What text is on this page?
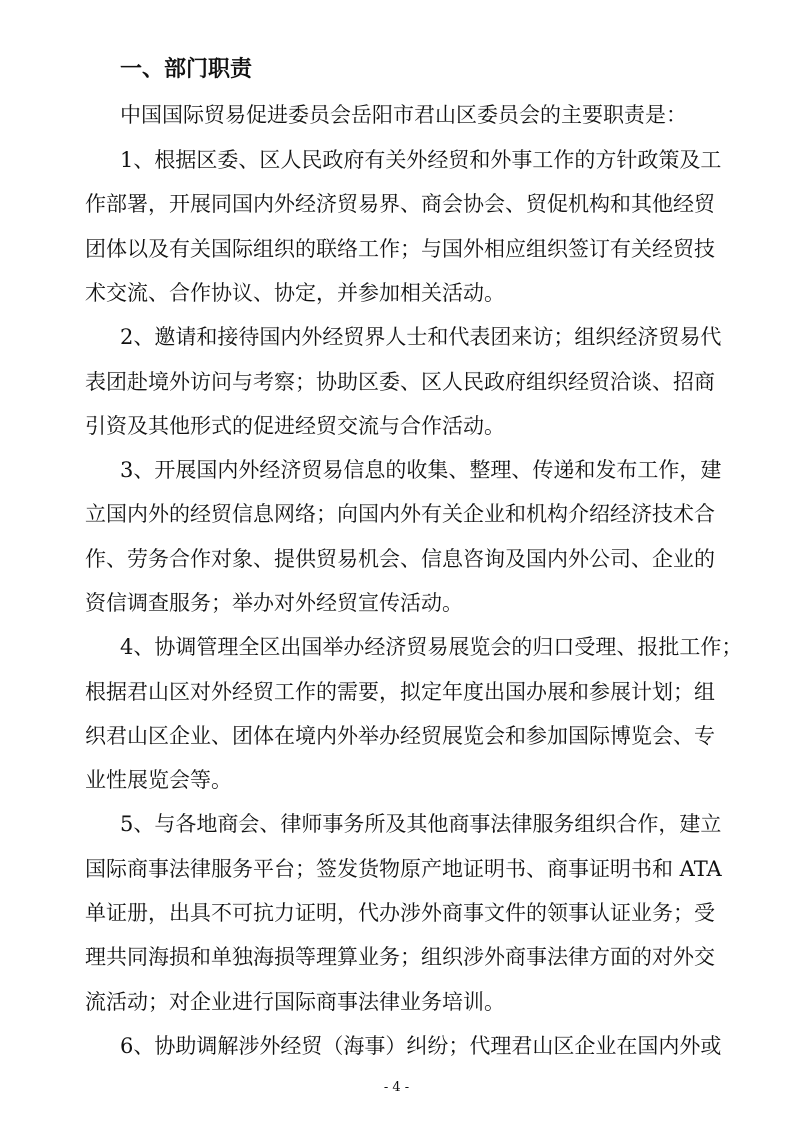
一、部门职责
中国国际贸易促进委员会岳阳市君山区委员会的主要职责是：
- 4 -
1、根据区委、区人民政府有关外经贸和外事工作的方针政策及工
作部署，开展同国内外经济贸易界、商会协会、贸促机构和其他经贸
团体以及有关国际组织的联络工作；与国外相应组织签订有关经贸技
术交流、合作协议、协定，并参加相关活动。
2、邀请和接待国内外经贸界人士和代表团来访；组织经济贸易代
表团赴境外访问与考察；协助区委、区人民政府组织经贸洽谈、招商
引资及其他形式的促进经贸交流与合作活动。
3、开展国内外经济贸易信息的收集、整理、传递和发布工作，建
立国内外的经贸信息网络；向国内外有关企业和机构介绍经济技术合
作、劳务合作对象、提供贸易机会、信息咨询及国内外公司、企业的
资信调查服务；举办对外经贸宣传活动。
4、协调管理全区出国举办经济贸易展览会的归口受理、报批工作；
根据君山区对外经贸工作的需要，拟定年度出国办展和参展计划；组
织君山区企业、团体在境内外举办经贸展览会和参加国际博览会、专
业性展览会等。
5、与各地商会、律师事务所及其他商事法律服务组织合作，建立
国际商事法律服务平台；签发货物原产地证明书、商事证明书和 ATA
单证册，出具不可抗力证明，代办涉外商事文件的领事认证业务；受
理共同海损和单独海损等理算业务；组织涉外商事法律方面的对外交
流活动；对企业进行国际商事法律业务培训。
6、协助调解涉外经贸（海事）纠纷；代理君山区企业在国内外或
